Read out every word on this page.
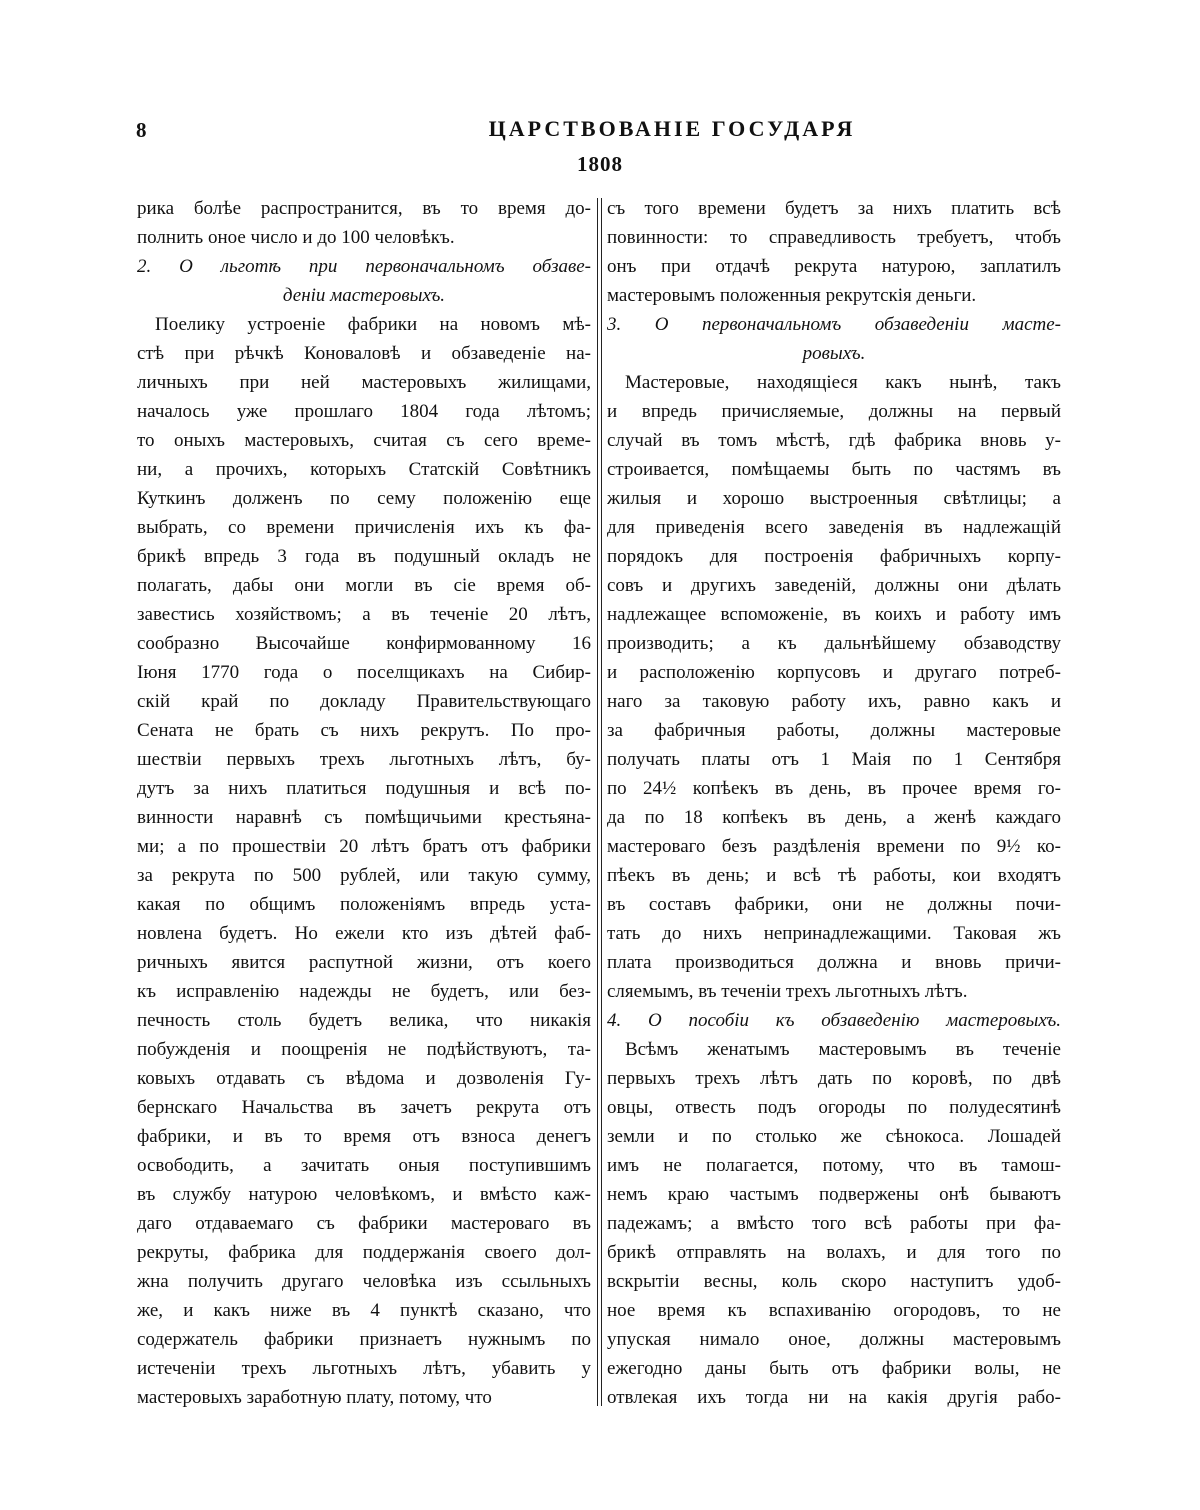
8	ЦАРСТВОВАНІЕ ГОСУДАРЯ
1808
рика болѣе распространится, въ то время до-
полнить оное число и до 100 человѣкъ.
2. О льготѣ при первоначальномъ обзаве-
деніи мастеровыхъ.
Поелику устроеніе фабрики на новомъ мѣ-
стѣ при рѣчкѣ Коноваловѣ и обзаведеніе на-
личныхъ при ней мастеровыхъ жилищами,
началось уже прошлаго 1804 года лѣтомъ;
то оныхъ мастеровыхъ, считая съ сего време-
ни, а прочихъ, которыхъ Статскій Совѣтникъ
Куткинъ долженъ по сему положенію еще
выбрать, со времени причисленія ихъ къ фа-
брикѣ впредь 3 года въ подушный окладъ не
полагать, дабы они могли въ сіе время об-
завестись хозяйствомъ; а въ теченіе 20 лѣтъ,
сообразно Высочайше конфирмованному 16
Іюня 1770 года о поселщикахъ на Сибир-
скій край по докладу Правительствующаго
Сената не брать съ нихъ рекрутъ. По про-
шествіи первыхъ трехъ льготныхъ лѣтъ, бу-
дутъ за нихъ платиться подушныя и всѣ по-
винности наравнѣ съ помѣщичьими крестьяна-
ми; а по прошествіи 20 лѣтъ братъ отъ фабрики
за рекрута по 500 рублей, или такую сумму,
какая по общимъ положеніямъ впредь уста-
новлена будетъ. Но ежели кто изъ дѣтей фаб-
ричныхъ явится распутной жизни, отъ коего
къ исправленію надежды не будетъ, или без-
печность столь будетъ велика, что никакія
побужденія и поощренія не подѣйствуютъ, та-
ковыхъ отдавать съ вѣдома и дозволенія Гу-
бернскаго Начальства въ зачетъ рекрута отъ
фабрики, и въ то время отъ взноса денегъ
освободить, а зачитать оныя поступившимъ
въ службу натурою человѣкомъ, и вмѣсто каж-
даго отдаваемаго съ фабрики мастероваго въ
рекруты, фабрика для поддержанія своего дол-
жна получить другаго человѣка изъ ссыльныхъ
же, и какъ ниже въ 4 пунктѣ сказано, что
содержатель фабрики признаетъ нужнымъ по
истеченіи трехъ льготныхъ лѣтъ, убавить у
мастеровыхъ заработную плату, потому, что
съ того времени будетъ за нихъ платить всѣ
повинности: то справедливость требуетъ, чтобъ
онъ при отдачѣ рекрута натурою, заплатилъ
мастеровымъ положенныя рекрутскія деньги.
3. О первоначальномъ обзаведеніи масте-
ровыхъ.
Мастеровые, находящіеся какъ нынѣ, такъ
и впредь причисляемые, должны на первый
случай въ томъ мѣстѣ, гдѣ фабрика вновь у-
строивается, помѣщаемы быть по частямъ въ
жилыя и хорошо выстроенныя свѣтлицы; а
для приведенія всего заведенія въ надлежащій
порядокъ для построенія фабричныхъ корпу-
совъ и другихъ заведеній, должны они дѣлать
надлежащее вспоможеніе, въ коихъ и работу имъ
производить; а къ дальнѣйшему обзаводству
и расположенію корпусовъ и другаго потреб-
наго за таковую работу ихъ, равно какъ и
за фабричныя работы, должны мастеровые
получать платы отъ 1 Маія по 1 Сентября
по 24½ копѣекъ въ день, въ прочее время го-
да по 18 копѣекъ въ день, а женѣ каждаго
мастероваго безъ раздѣленія времени по 9½ ко-
пѣекъ въ день; и всѣ тѣ работы, кои входятъ
въ составъ фабрики, они не должны почи-
тать до нихъ непринадлежащими. Таковая жъ
плата производиться должна и вновь причи-
сляемымъ, въ теченіи трехъ льготныхъ лѣтъ.
4. О пособіи къ обзаведенію мастеровыхъ.
Всѣмъ женатымъ мастеровымъ въ теченіе
первыхъ трехъ лѣтъ дать по коровѣ, по двѣ
овцы, отвесть подъ огороды по полудесятинѣ
земли и по столько же сѣнокоса. Лошадей
имъ не полагается, потому, что въ тамош-
немъ краю частымъ подвержены онѣ бываютъ
падежамъ; а вмѣсто того всѣ работы при фа-
брикѣ отправлять на волахъ, и для того по
вскрытіи весны, коль скоро наступитъ удоб-
ное время къ вспахиванію огородовъ, то не
упуская нимало оное, должны мастеровымъ
ежегодно даны быть отъ фабрики волы, не
отвлекая ихъ тогда ни на какія другія рабо-
